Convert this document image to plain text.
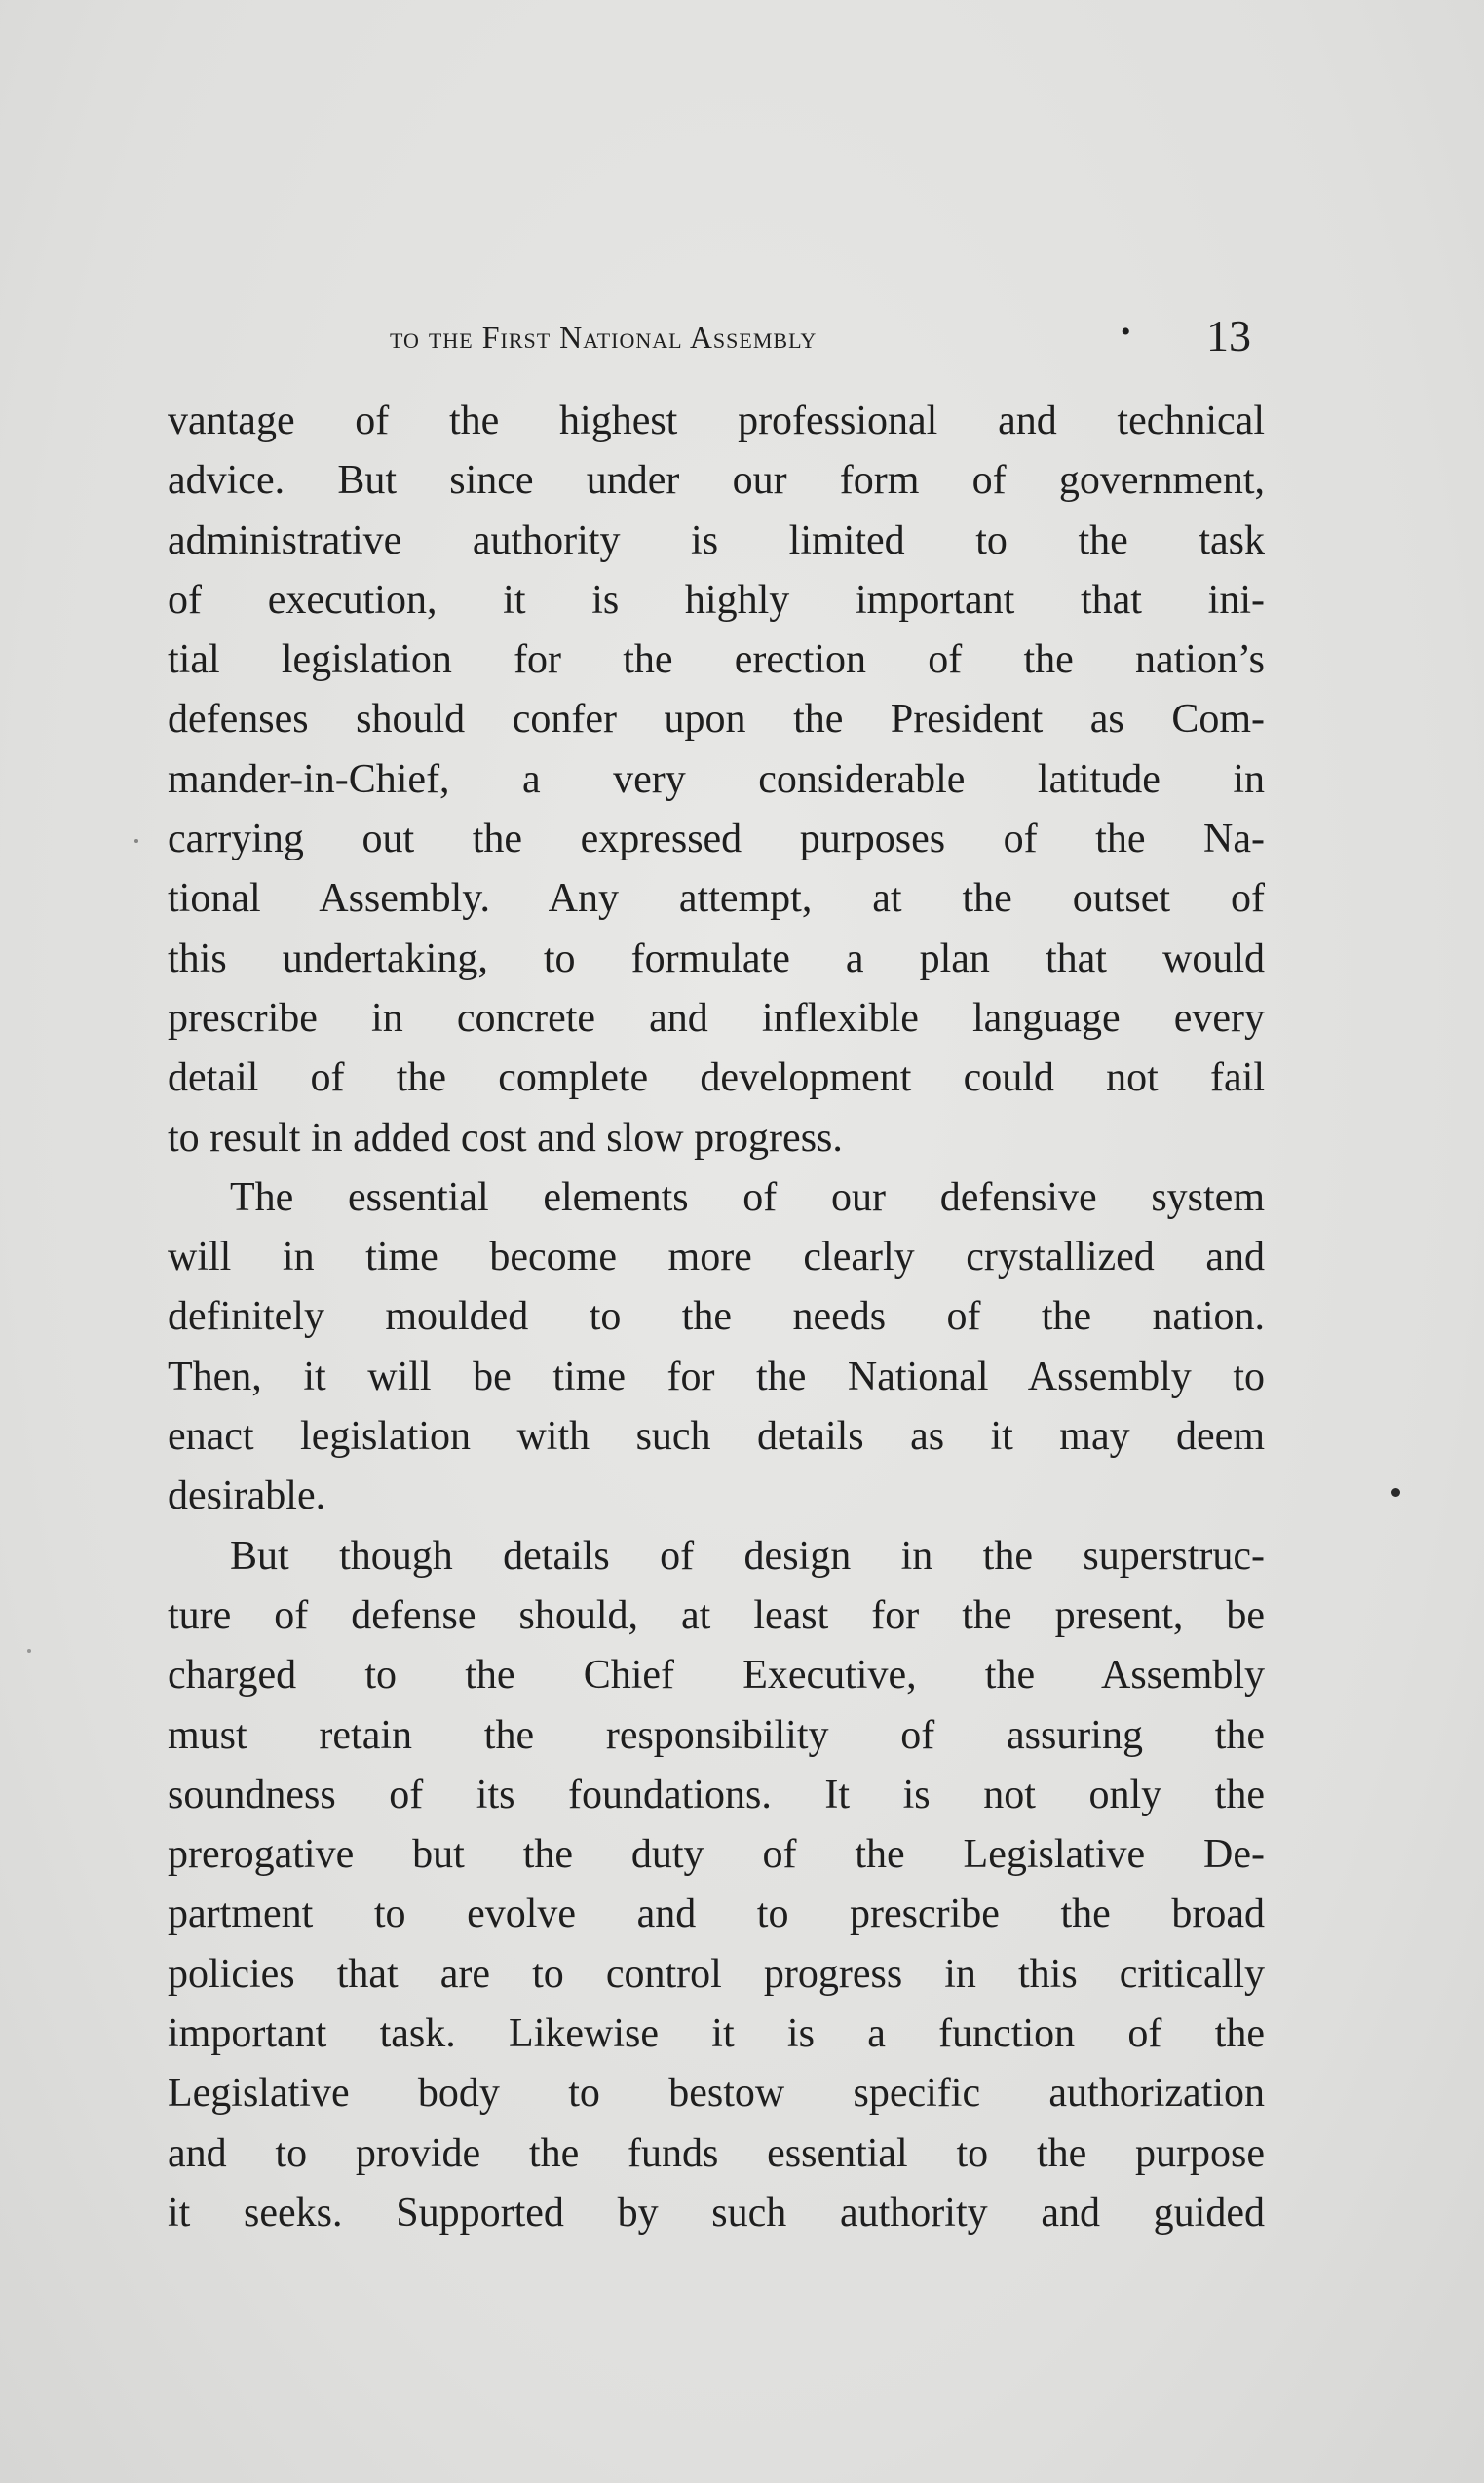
to the First National Assembly	• 13
vantage of the highest professional and technical
advice. But since under our form of government,
administrative authority is limited to the task
of execution, it is highly important that ini-
tial legislation for the erection of the nation’s
defenses should confer upon the President as Com-
mander-in-Chief, a very considerable latitude in
carrying out the expressed purposes of the Na-
tional Assembly. Any attempt, at the outset of
this undertaking, to formulate a plan that would
prescribe in concrete and inflexible language every
detail of the complete development could not fail
to result in added cost and slow progress.
The essential elements of our defensive system
will in time become more clearly crystallized and
definitely moulded to the needs of the nation.
Then, it will be time for the National Assembly to
enact legislation with such details as it may deem
desirable.
But though details of design in the superstruc-
ture of defense should, at least for the present, be
charged to the Chief Executive, the Assembly
must retain the responsibility of assuring the
soundness of its foundations. It is not only the
prerogative but the duty of the Legislative De-
partment to evolve and to prescribe the broad
policies that are to control progress in this critically
important task. Likewise it is a function of the
Legislative body to bestow specific authorization
and to provide the funds essential to the purpose
it seeks. Supported by such authority and guided
